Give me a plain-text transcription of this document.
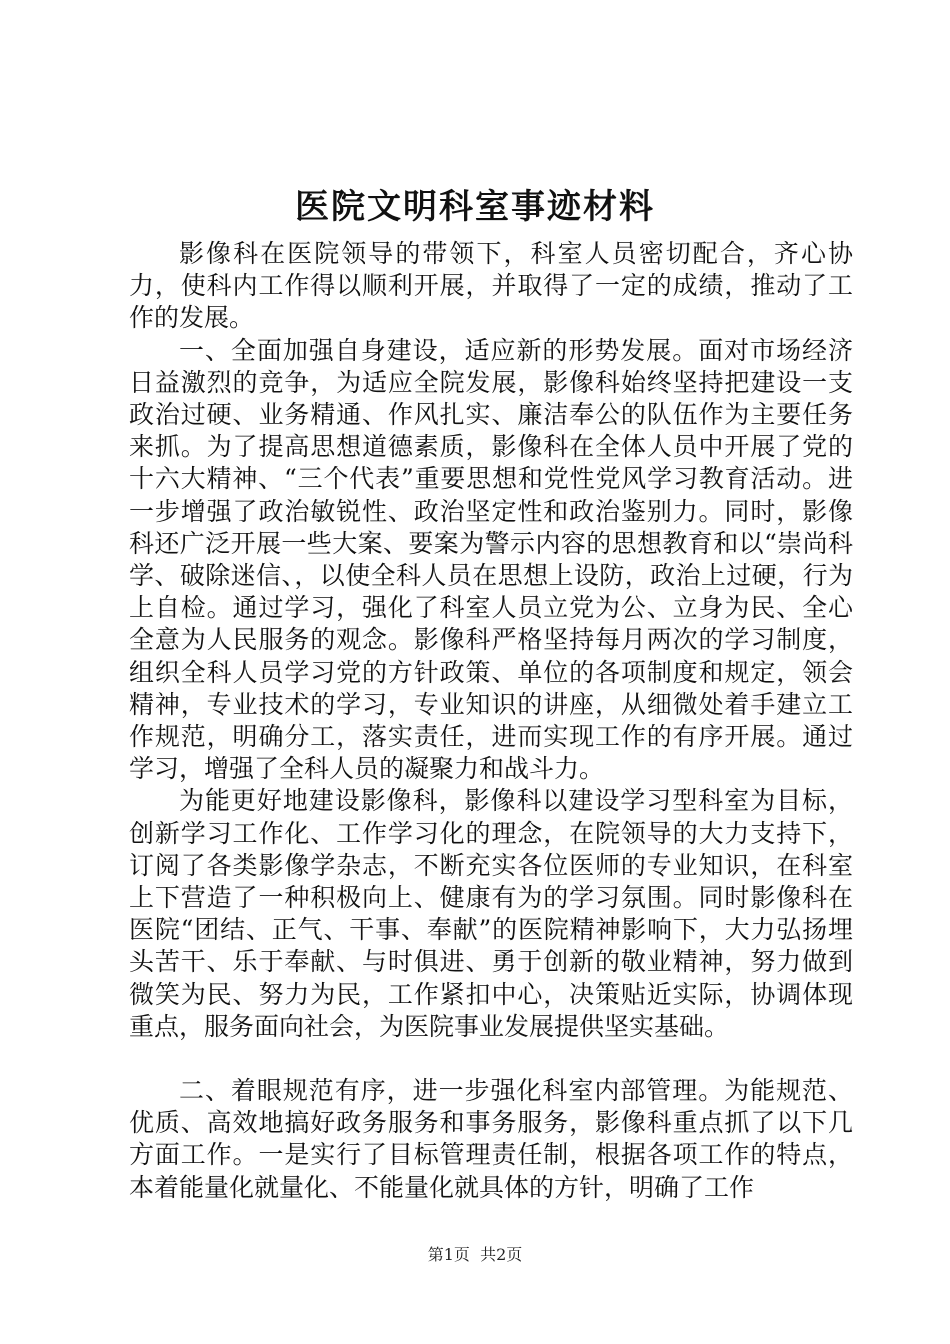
医院文明科室事迹材料

影像科在医院领导的带领下，科室人员密切配合，齐心协力，使科内工作得以顺利开展，并取得了一定的成绩，推动了工作的发展。

一、全面加强自身建设，适应新的形势发展。面对市场经济日益激烈的竞争，为适应全院发展，影像科始终坚持把建设一支政治过硬、业务精通、作风扎实、廉洁奉公的队伍作为主要任务来抓。为了提高思想道德素质，影像科在全体人员中开展了党的十六大精神、“三个代表”重要思想和党性党风学习教育活动。进一步增强了政治敏锐性、政治坚定性和政治鉴别力。同时，影像科还广泛开展一些大案、要案为警示内容的思想教育和以“崇尚科学、破除迷信、，以使全科人员在思想上设防，政治上过硬，行为上自检。通过学习，强化了科室人员立党为公、立身为民、全心全意为人民服务的观念。影像科严格坚持每月两次的学习制度，组织全科人员学习党的方针政策、单位的各项制度和规定，领会精神，专业技术的学习，专业知识的讲座，从细微处着手建立工作规范，明确分工，落实责任，进而实现工作的有序开展。通过学习，增强了全科人员的凝聚力和战斗力。

为能更好地建设影像科，影像科以建设学习型科室为目标，创新学习工作化、工作学习化的理念，在院领导的大力支持下，订阅了各类影像学杂志，不断充实各位医师的专业知识，在科室上下营造了一种积极向上、健康有为的学习氛围。同时影像科在医院“团结、正气、干事、奉献”的医院精神影响下，大力弘扬埋头苦干、乐于奉献、与时俱进、勇于创新的敬业精神，努力做到微笑为民、努力为民，工作紧扣中心，决策贴近实际，协调体现重点，服务面向社会，为医院事业发展提供坚实基础。

二、着眼规范有序，进一步强化科室内部管理。为能规范、优质、高效地搞好政务服务和事务服务，影像科重点抓了以下几方面工作。一是实行了目标管理责任制，根据各项工作的特点，本着能量化就量化、不能量化就具体的方针，明确了工作

第1页  共2页
